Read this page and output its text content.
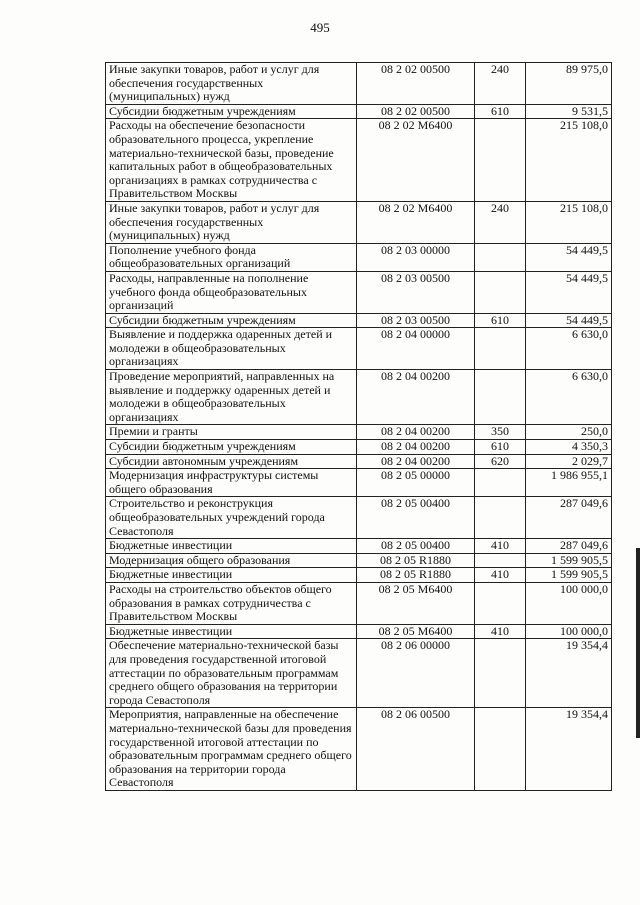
495
Иные закупки товаров, работ и услуг для обеспечения государственных (муниципальных) нужд	08 2 02 00500	240	89 975,0
Субсидии бюджетным учреждениям	08 2 02 00500	610	9 531,5
Расходы на обеспечение безопасности образовательного процесса, укрепление материально-технической базы, проведение капитальных работ в общеобразовательных организациях в рамках сотрудничества с Правительством Москвы	08 2 02 М6400		215 108,0
Иные закупки товаров, работ и услуг для обеспечения государственных (муниципальных) нужд	08 2 02 М6400	240	215 108,0
Пополнение учебного фонда общеобразовательных организаций	08 2 03 00000		54 449,5
Расходы, направленные на пополнение учебного фонда общеобразовательных организаций	08 2 03 00500		54 449,5
Субсидии бюджетным учреждениям	08 2 03 00500	610	54 449,5
Выявление и поддержка одаренных детей и молодежи в общеобразовательных организациях	08 2 04 00000		6 630,0
Проведение мероприятий, направленных на выявление и поддержку одаренных детей и молодежи в общеобразовательных организациях	08 2 04 00200		6 630,0
Премии и гранты	08 2 04 00200	350	250,0
Субсидии бюджетным учреждениям	08 2 04 00200	610	4 350,3
Субсидии автономным учреждениям	08 2 04 00200	620	2 029,7
Модернизация инфраструктуры системы общего образования	08 2 05 00000		1 986 955,1
Строительство и реконструкция общеобразовательных учреждений города Севастополя	08 2 05 00400		287 049,6
Бюджетные инвестиции	08 2 05 00400	410	287 049,6
Модернизация общего образования	08 2 05 R1880		1 599 905,5
Бюджетные инвестиции	08 2 05 R1880	410	1 599 905,5
Расходы на строительство объектов общего образования в рамках сотрудничества с Правительством Москвы	08 2 05 М6400		100 000,0
Бюджетные инвестиции	08 2 05 М6400	410	100 000,0
Обеспечение материально-технической базы для проведения государственной итоговой аттестации по образовательным программам среднего общего образования на территории города Севастополя	08 2 06 00000		19 354,4
Мероприятия, направленные на обеспечение материально-технической базы для проведения государственной итоговой аттестации по образовательным программам среднего общего образования на территории города Севастополя	08 2 06 00500		19 354,4
